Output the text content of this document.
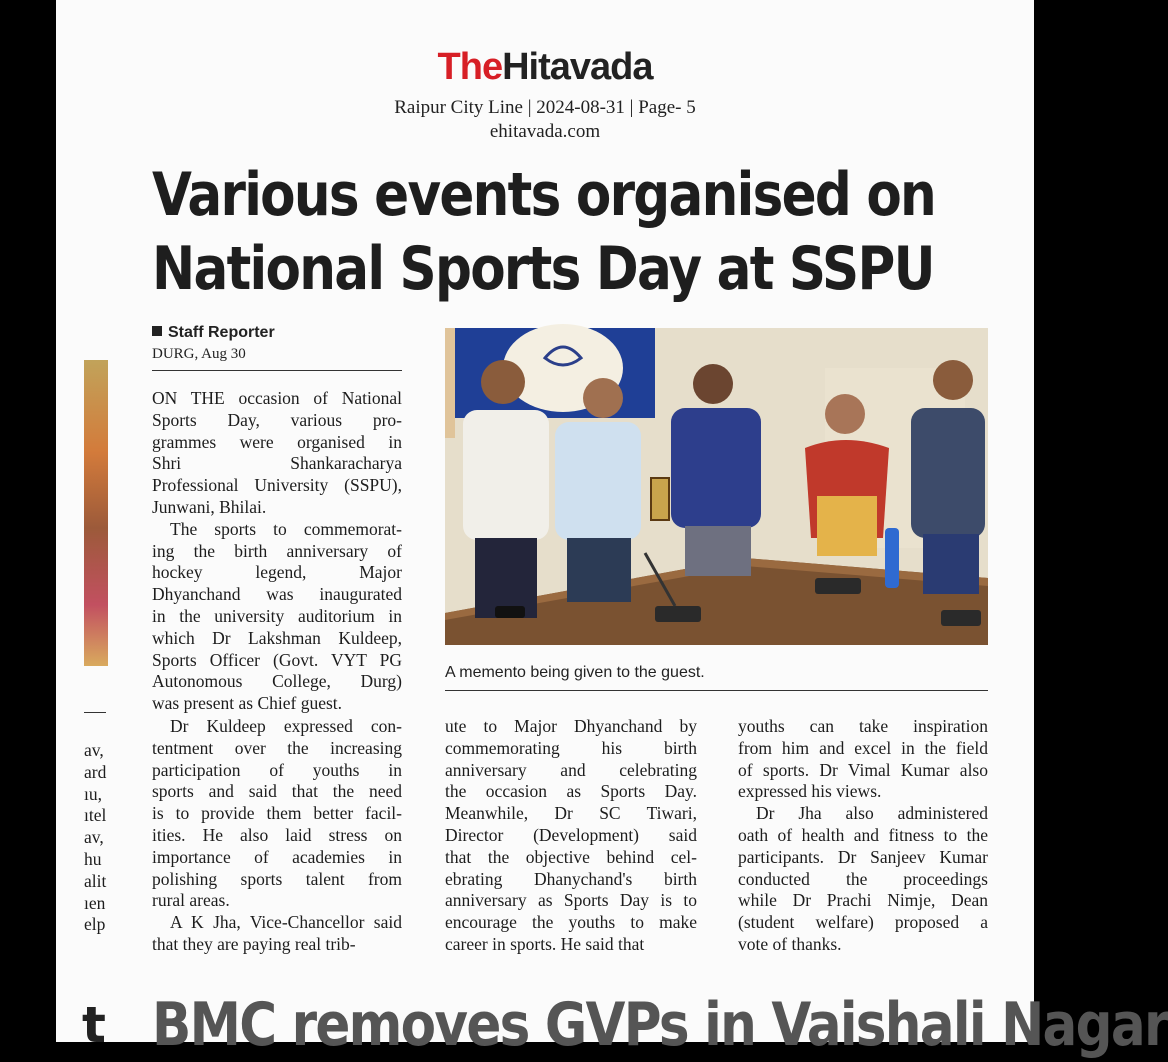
TheHitavada
Raipur City Line | 2024-08-31 | Page- 5
ehitavada.com
Various events organised on
National Sports Day at SSPU
Staff Reporter
DURG, Aug 30
ON THE occasion of National
Sports Day, various pro-
grammes were organised in
Shri Shankaracharya
Professional University (SSPU),
Junwani, Bhilai.
The sports to commemorat-
ing the birth anniversary of
hockey legend, Major
Dhyanchand was inaugurated
in the university auditorium in
which Dr Lakshman Kuldeep,
Sports Officer (Govt. VYT PG
Autonomous College, Durg)
was present as Chief guest.
Dr Kuldeep expressed con-
tentment over the increasing
participation of youths in
sports and said that the need
is to provide them better facil-
ities. He also laid stress on
importance of academies in
polishing sports talent from
rural areas.
A K Jha, Vice-Chancellor said
that they are paying real trib-
ute to Major Dhyanchand by
commemorating his birth
anniversary and celebrating
the occasion as Sports Day.
Meanwhile, Dr SC Tiwari,
Director (Development) said
that the objective behind cel-
ebrating Dhanychand's birth
anniversary as Sports Day is to
encourage the youths to make
career in sports. He said that
youths can take inspiration
from him and excel in the field
of sports. Dr Vimal Kumar also
expressed his views.
Dr Jha also administered
oath of health and fitness to the
participants. Dr Sanjeev Kumar
conducted the proceedings
while Dr Prachi Nimje, Dean
(student welfare) proposed a
vote of thanks.
A memento being given to the guest.
av,
ard
ıu,
ıtel
av,
hu
alit
ıen
elp
t BMC removes GVPs in Vaishali Nagar
